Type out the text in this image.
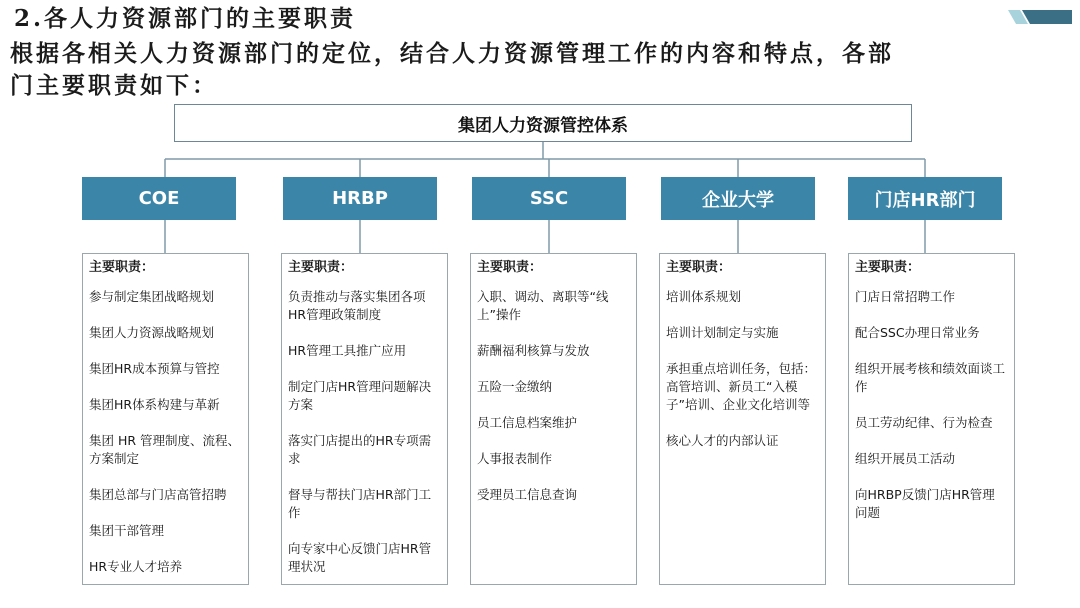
2.各人力资源部门的主要职责

根据各相关人力资源部门的定位，结合人力资源管理工作的内容和特点，各部

门主要职责如下：

集团人力资源管控体系
COE	HRBP	SSC	企业大学	门店HR部门

主要职责：

参与制定集团战略规划

集团人力资源战略规划

集团HR成本预算与管控

集团HR体系构建与革新

集团 HR 管理制度、流程、方案制定

集团总部与门店高管招聘

集团干部管理

HR专业人才培养

主要职责：

负责推动与落实集团各项HR管理政策制度

HR管理工具推广应用

制定门店HR管理问题解决方案

落实门店提出的HR专项需求

督导与帮扶门店HR部门工作

向专家中心反馈门店HR管理状况

主要职责：

入职、调动、离职等“线上”操作

薪酬福利核算与发放

五险一金缴纳

员工信息档案维护

人事报表制作

受理员工信息查询

主要职责：

培训体系规划

培训计划制定与实施

承担重点培训任务，包括：高管培训、新员工“入模子”培训、企业文化培训等

核心人才的内部认证

主要职责：

门店日常招聘工作

配合SSC办理日常业务

组织开展考核和绩效面谈工作

员工劳动纪律、行为检查

组织开展员工活动

向HRBP反馈门店HR管理问题
